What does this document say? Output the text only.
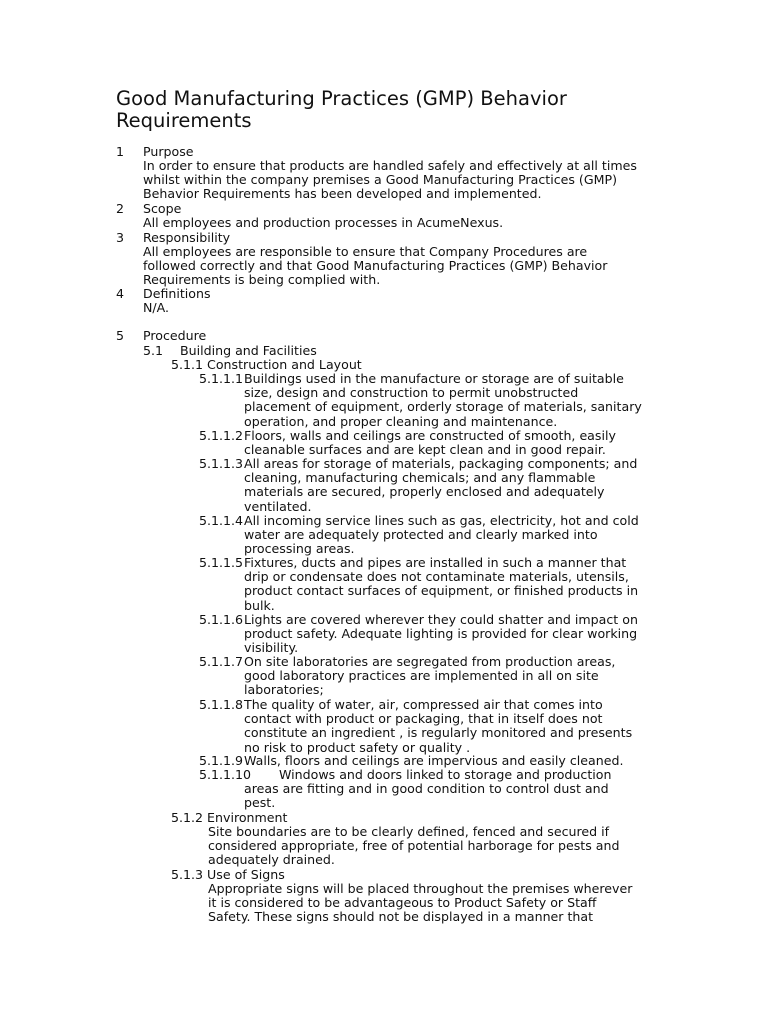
Good Manufacturing Practices (GMP) Behavior
Requirements
1 Purpose
In order to ensure that products are handled safely and effectively at all times
whilst within the company premises a Good Manufacturing Practices (GMP)
Behavior Requirements has been developed and implemented.
2 Scope
All employees and production processes in AcumeNexus.
3 Responsibility
All employees are responsible to ensure that Company Procedures are
followed correctly and that Good Manufacturing Practices (GMP) Behavior
Requirements is being complied with.
4 Definitions
N/A.
5 Procedure
5.1 Building and Facilities
5.1.1 Construction and Layout
5.1.1.1 Buildings used in the manufacture or storage are of suitable
size, design and construction to permit unobstructed
placement of equipment, orderly storage of materials, sanitary
operation, and proper cleaning and maintenance.
5.1.1.2 Floors, walls and ceilings are constructed of smooth, easily
cleanable surfaces and are kept clean and in good repair.
5.1.1.3 All areas for storage of materials, packaging components; and
cleaning, manufacturing chemicals; and any flammable
materials are secured, properly enclosed and adequately
ventilated.
5.1.1.4 All incoming service lines such as gas, electricity, hot and cold
water are adequately protected and clearly marked into
processing areas.
5.1.1.5 Fixtures, ducts and pipes are installed in such a manner that
drip or condensate does not contaminate materials, utensils,
product contact surfaces of equipment, or finished products in
bulk.
5.1.1.6 Lights are covered wherever they could shatter and impact on
product safety. Adequate lighting is provided for clear working
visibility.
5.1.1.7 On site laboratories are segregated from production areas,
good laboratory practices are implemented in all on site
laboratories;
5.1.1.8 The quality of water, air, compressed air that comes into
contact with product or packaging, that in itself does not
constitute an ingredient , is regularly monitored and presents
no risk to product safety or quality .
5.1.1.9 Walls, floors and ceilings are impervious and easily cleaned.
5.1.1.10 Windows and doors linked to storage and production
areas are fitting and in good condition to control dust and
pest.
5.1.2 Environment
Site boundaries are to be clearly defined, fenced and secured if
considered appropriate, free of potential harborage for pests and
adequately drained.
5.1.3 Use of Signs
Appropriate signs will be placed throughout the premises wherever
it is considered to be advantageous to Product Safety or Staff
Safety. These signs should not be displayed in a manner that
